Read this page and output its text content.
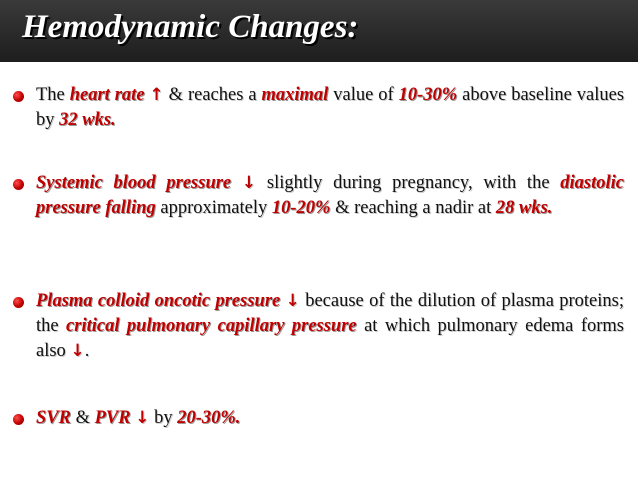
Hemodynamic Changes:
The heart rate ↑ & reaches a maximal value of 10-30% above baseline values by 32 wks.
Systemic blood pressure ↓ slightly during pregnancy, with the diastolic pressure falling approximately 10-20% & reaching a nadir at 28 wks.
Plasma colloid oncotic pressure ↓ because of the dilution of plasma proteins; the critical pulmonary capillary pressure at which pulmonary edema forms also ↓.
SVR & PVR ↓ by 20-30%.
